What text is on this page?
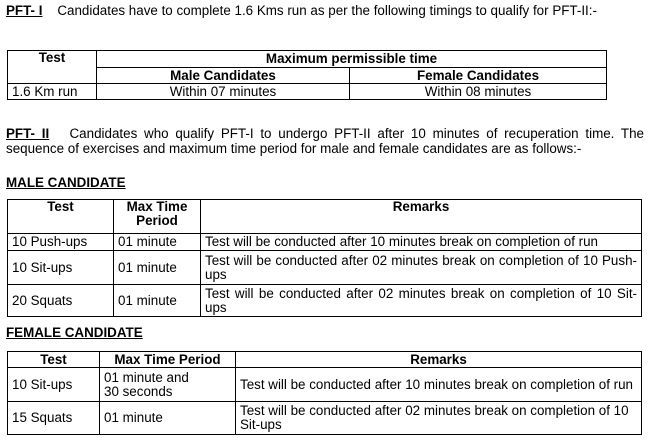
PFT- I Candidates have to complete 1.6 Kms run as per the following timings to qualify for PFT-II:-

Test	Maximum permissible time	
	Male Candidates	Female Candidates
1.6 Km run	Within 07 minutes	Within 08 minutes

PFT- II Candidates who qualify PFT-I to undergo PFT-II after 10 minutes of recuperation time. The sequence of exercises and maximum time period for male and female candidates are as follows:-

MALE CANDIDATE
Test	Max Time Period	Remarks
10 Push-ups	01 minute	Test will be conducted after 10 minutes break on completion of run
10 Sit-ups	01 minute	Test will be conducted after 02 minutes break on completion of 10 Push-ups
20 Squats	01 minute	Test will be conducted after 02 minutes break on completion of 10 Sit-ups
FEMALE CANDIDATE
Test	Max Time Period	Remarks
10 Sit-ups	01 minute and 30 seconds	Test will be conducted after 10 minutes break on completion of run
15 Squats	01 minute	Test will be conducted after 02 minutes break on completion of 10 Sit-ups
